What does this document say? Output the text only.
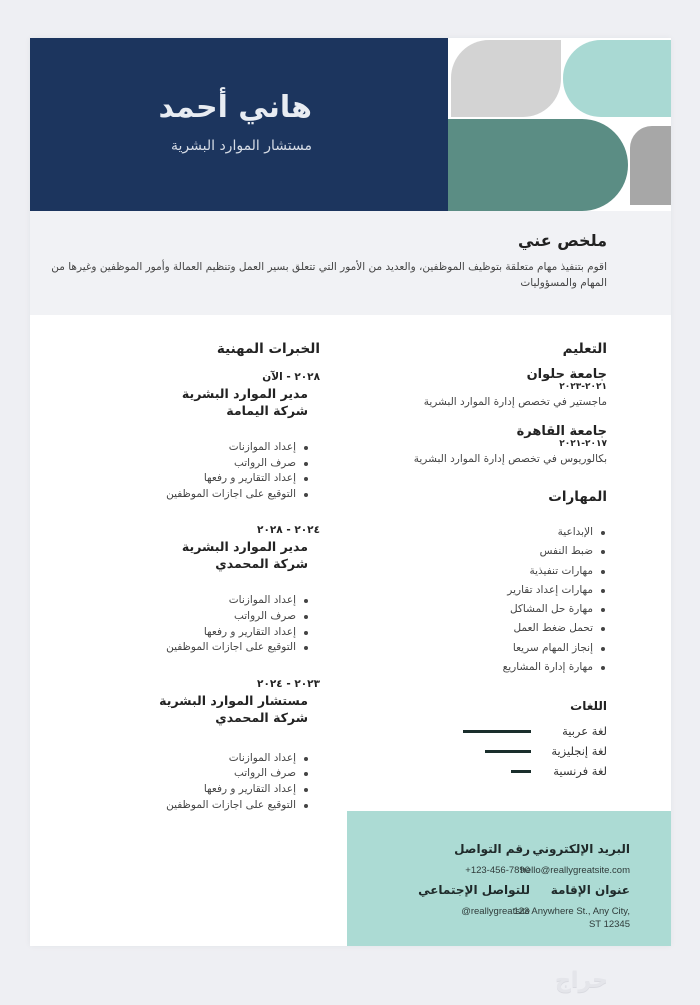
هاني أحمد
مستشار الموارد البشرية
ملخص عني

اقوم بتنفيذ مهام متعلقة بتوظيف الموظفين، والعديد من الأمور التي تتعلق بسير العمل وتنظيم العمالة وأمور الموظفين وغيرها من المهام والمسؤوليات

التعليم
جامعة حلوان
٢٠٢١-٢٠٢٣
ماجستير في تخصص إدارة الموارد البشرية
جامعة القاهرة
٢٠١٧-٢٠٢١
بكالوريوس في تخصص إدارة الموارد البشرية
المهارات
الإبداعية
ضبط النفس
مهارات تنفيذية
مهارات إعداد تقارير
مهارة حل المشاكل
تحمل ضغط العمل
إنجاز المهام سريعا
مهارة إدارة المشاريع
اللغات
لغة عربية
لغة إنجليزية
لغة فرنسية
الخبرات المهنية
٢٠٢٨ - الآن
مدير الموارد البشرية
شركة اليمامة
إعداد الموازنات
صرف الرواتب
إعداد التقارير و رفعها
التوقيع على اجازات الموظفين
٢٠٢٤ - ٢٠٢٨
مدير الموارد البشرية
شركة المحمدي
إعداد الموازنات
صرف الرواتب
إعداد التقارير و رفعها
التوقيع على اجازات الموظفين
٢٠٢٣ - ٢٠٢٤
مستشار الموارد البشرية
شركة المحمدي
إعداد الموازنات
صرف الرواتب
إعداد التقارير و رفعها
التوقيع على اجازات الموظفين
البريد الإلكتروني
hello@reallygreatsite.com
رقم التواصل
+123-456-7890
عنوان الإقامة
123 Anywhere St., Any City,
ST 12345
للتواصل الإجتماعي
@reallygreatsite
حراج
